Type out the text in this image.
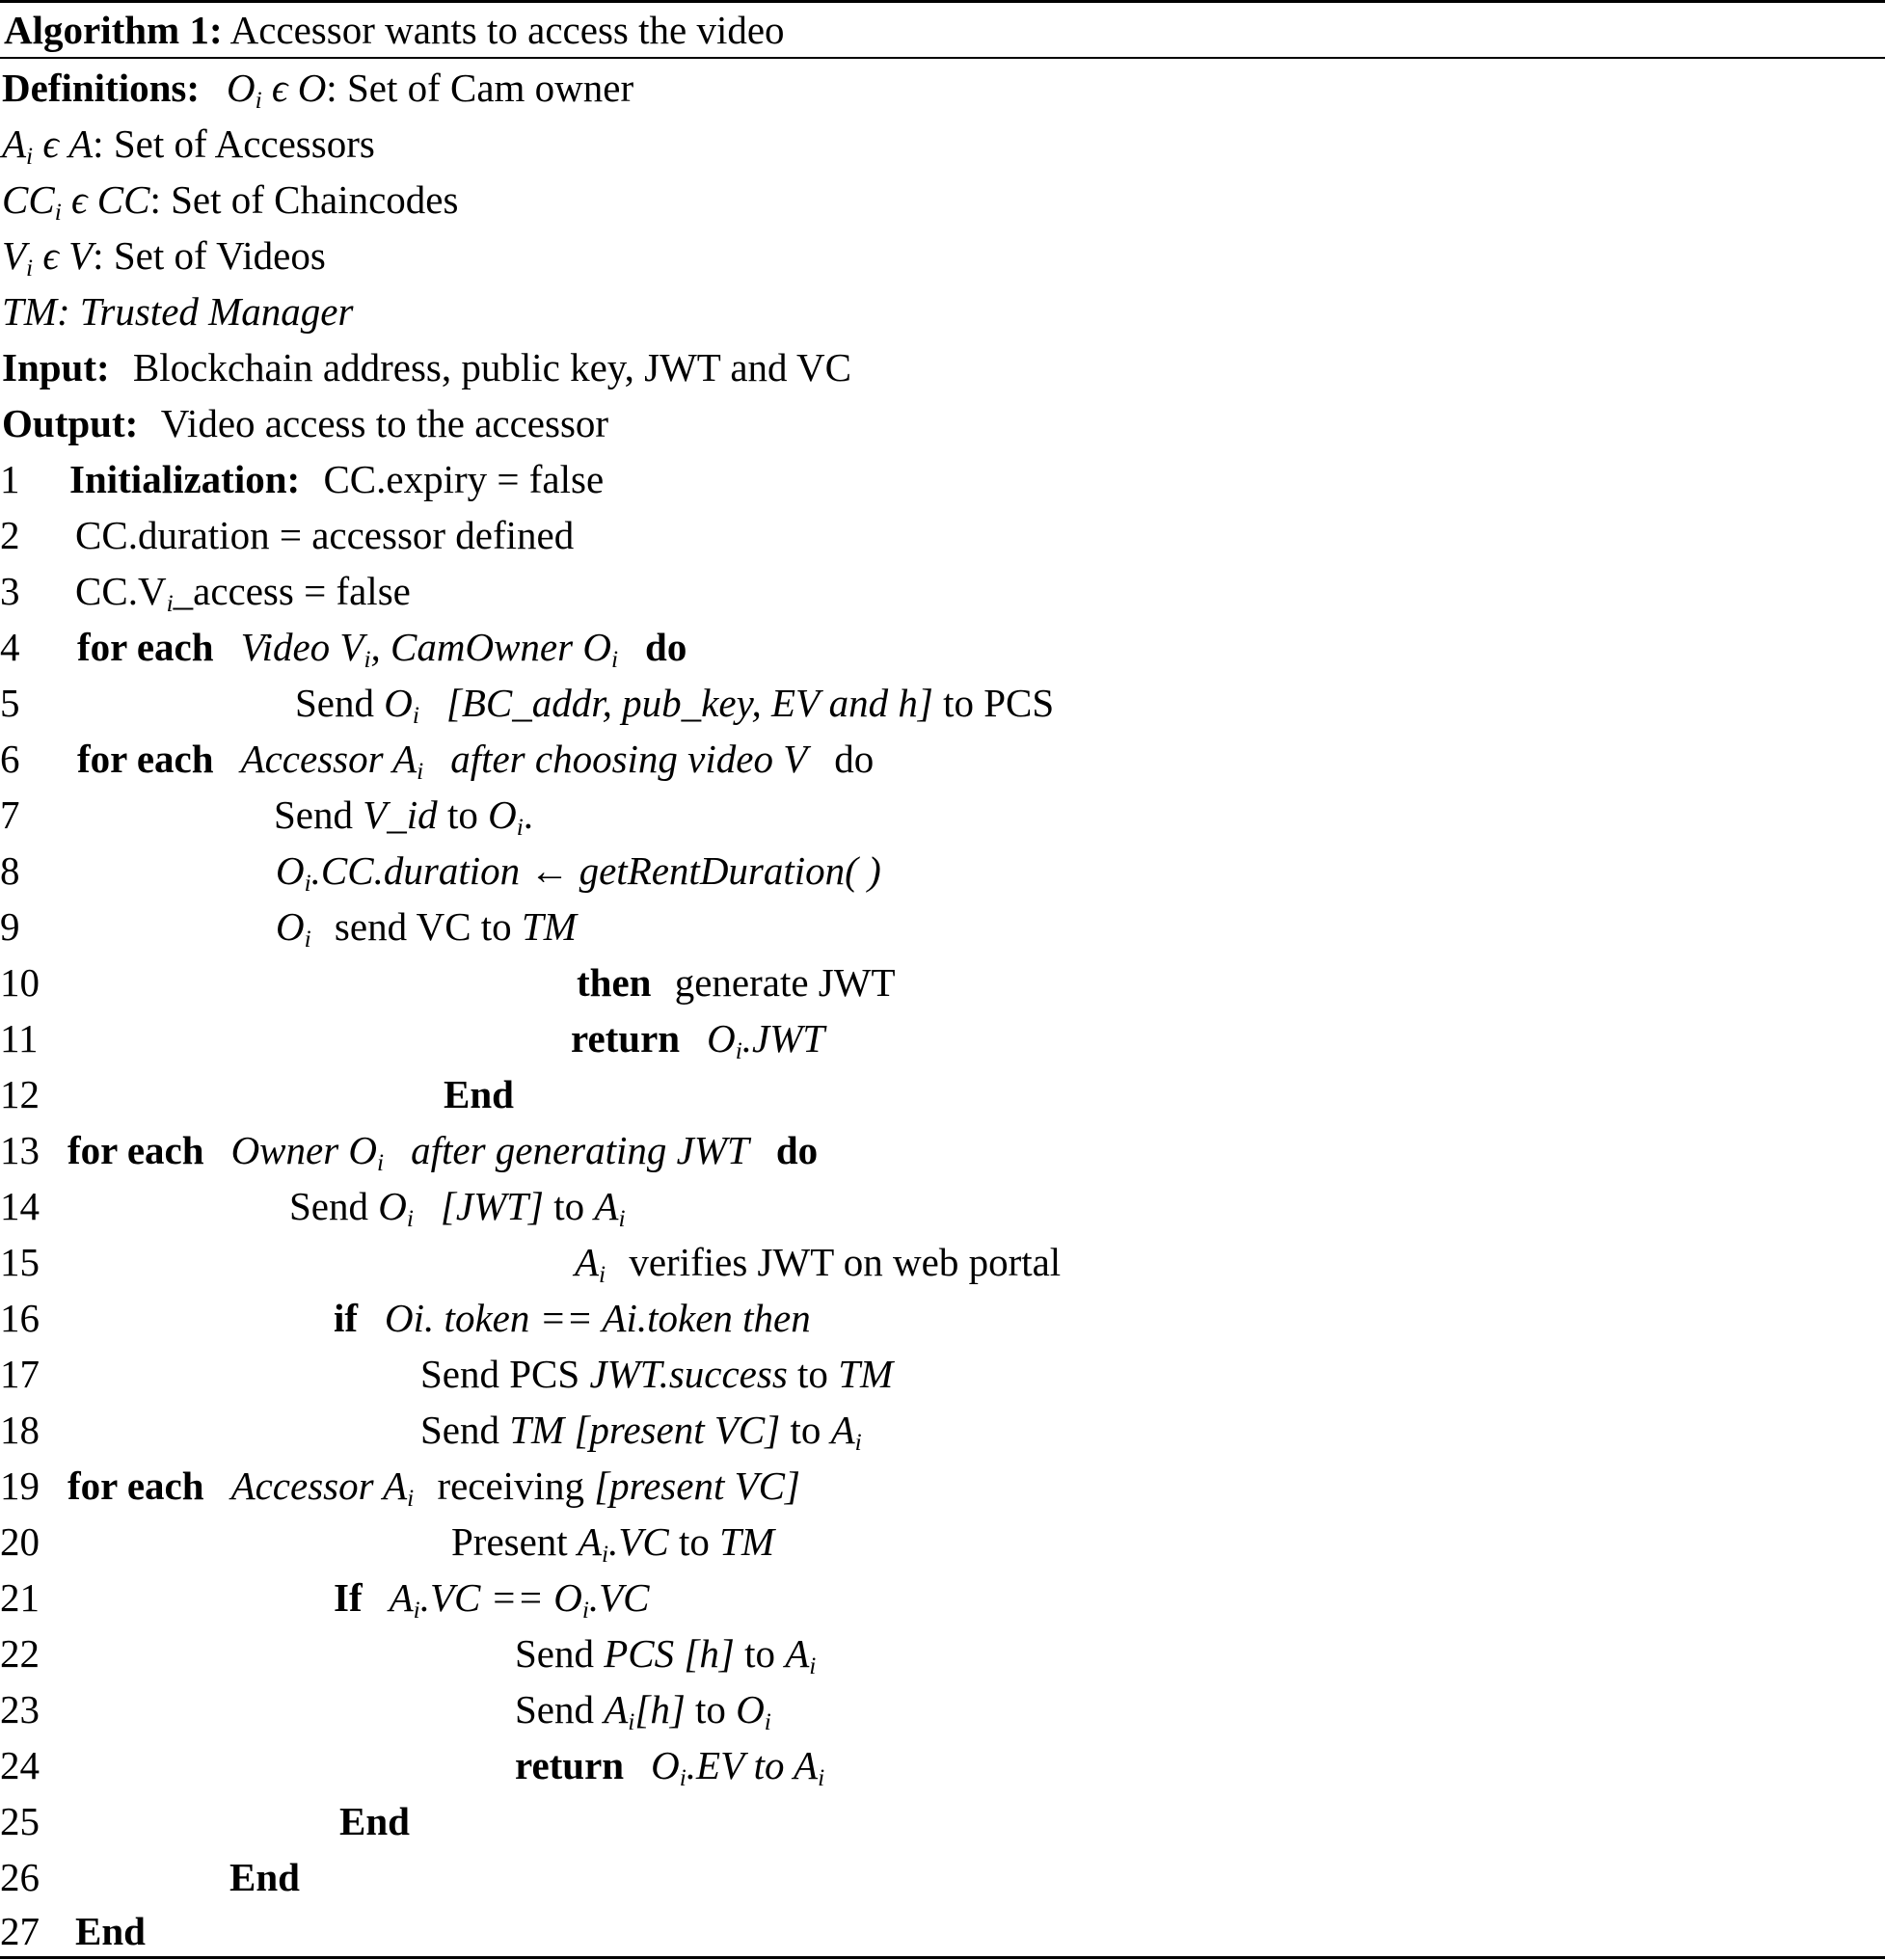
Algorithm 1: Accessor wants to access the video
Definitions: $O_i$ ϵ O: Set of Cam owner
$A_i$ ϵ A: Set of Accessors
$CC_i$ ϵ CC: Set of Chaincodes
$V_i$ ϵ V: Set of Videos
TM: Trusted Manager
Input: Blockchain address, public key, JWT and VC
Output: Video access to the accessor
1	Initialization: CC.expiry = false
2	CC.duration = accessor defined
3	$CC.V_i\_access$ = false
4	for each Video $V_i$, CamOwner $O_i$ do
5	Send $O_i$ [BC_addr, pub_key, EV and h] to PCS
6	for each Accessor $A_i$ after choosing video V do
7	Send V_id to $O_i$.
8	$O_i.CC.duration$ ← getRentDuration( )
9	$O_i$ send VC to TM
10	then generate JWT
11	return $O_i.JWT$
12	End
13 for each Owner $O_i$ after generating JWT do
14	Send $O_i$ [JWT] to $A_i$
15	$A_i$ verifies JWT on web portal
16	if Oi. token == Ai.token then
17	Send PCS JWT.success to TM
18	Send TM [present VC] to $A_i$
19 for each Accessor $A_i$ receiving [present VC]
20	Present $A_i.VC$ to TM
21	If $A_i.VC == O_i.VC$
22	Send PCS [h] to $A_i$
23	Send $A_i[h]$ to $O_i$
24	return $O_i.EV$ to $A_i$
25	End
26	End
27 End
